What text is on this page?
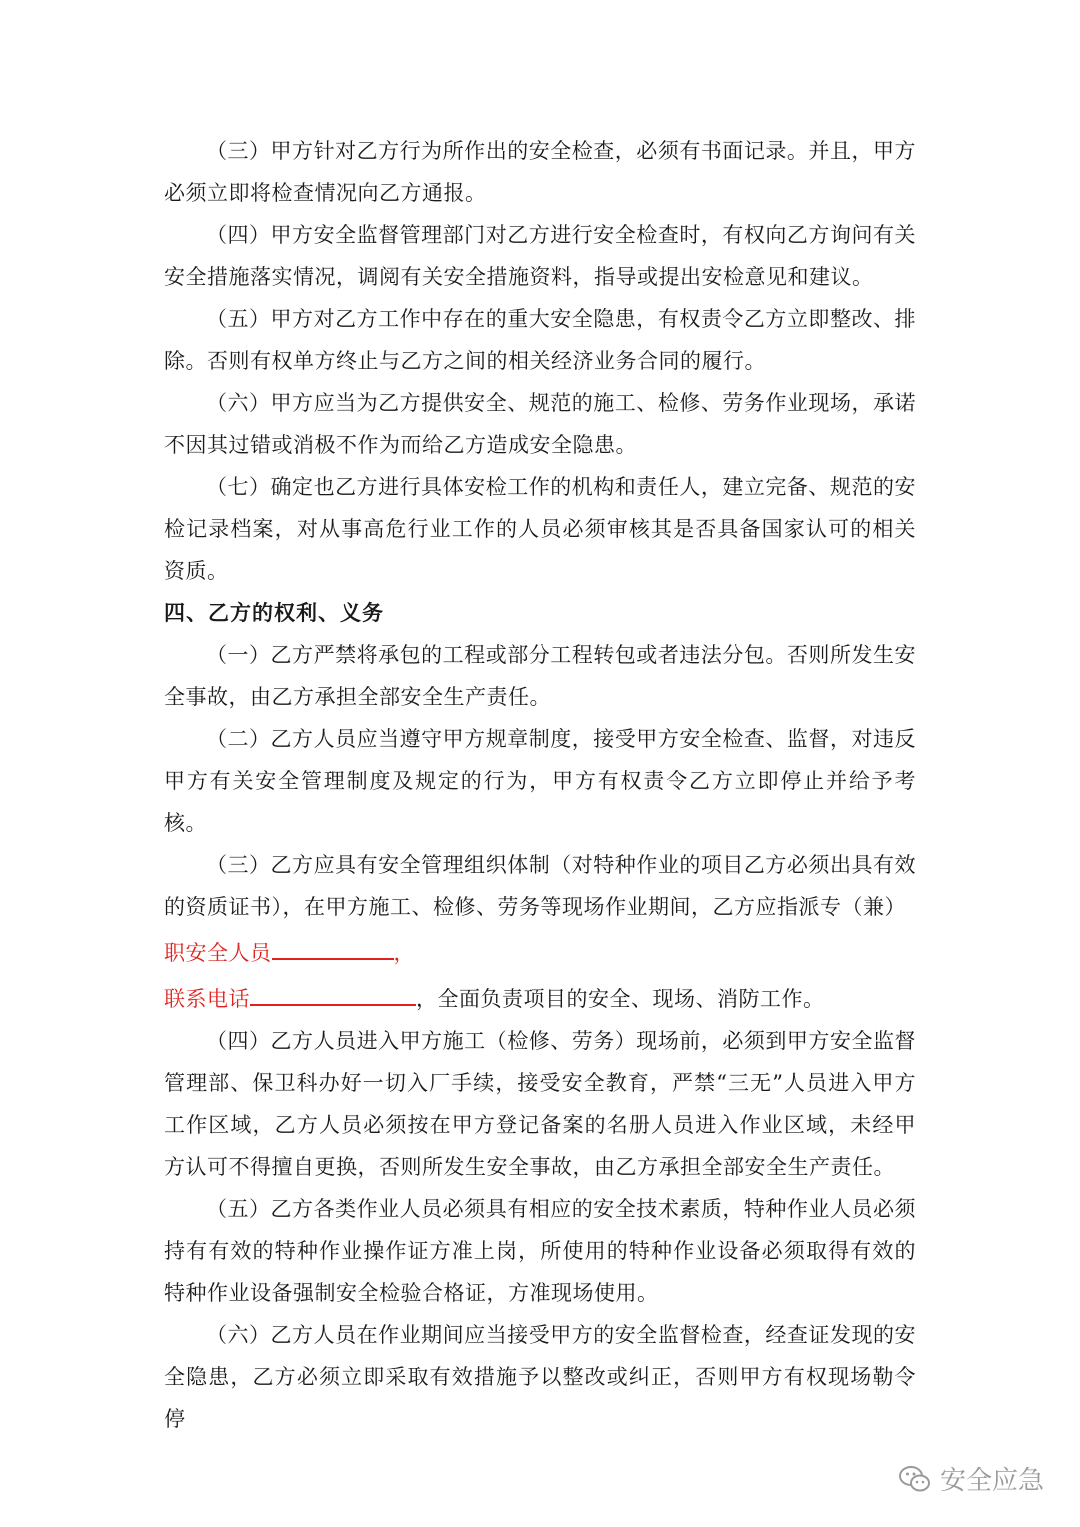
（三）甲方针对乙方行为所作出的安全检查，必须有书面记录。并且，甲方必须立即将检查情况向乙方通报。

（四）甲方安全监督管理部门对乙方进行安全检查时，有权向乙方询问有关安全措施落实情况，调阅有关安全措施资料，指导或提出安检意见和建议。

（五）甲方对乙方工作中存在的重大安全隐患，有权责令乙方立即整改、排除。否则有权单方终止与乙方之间的相关经济业务合同的履行。

（六）甲方应当为乙方提供安全、规范的施工、检修、劳务作业现场，承诺不因其过错或消极不作为而给乙方造成安全隐患。

（七）确定也乙方进行具体安检工作的机构和责任人，建立完备、规范的安检记录档案，对从事高危行业工作的人员必须审核其是否具备国家认可的相关资质。

四、乙方的权利、义务

（一）乙方严禁将承包的工程或部分工程转包或者违法分包。否则所发生安全事故，由乙方承担全部安全生产责任。

（二）乙方人员应当遵守甲方规章制度，接受甲方安全检查、监督，对违反甲方有关安全管理制度及规定的行为，甲方有权责令乙方立即停止并给予考核。

（三）乙方应具有安全管理组织体制（对特种作业的项目乙方必须出具有效的资质证书），在甲方施工、检修、劳务等现场作业期间，乙方应指派专（兼）

职安全人员	，

联系电话	，全面负责项目的安全、现场、消防工作。

（四）乙方人员进入甲方施工（检修、劳务）现场前，必须到甲方安全监督管理部、保卫科办好一切入厂手续，接受安全教育，严禁“三无”人员进入甲方工作区域，乙方人员必须按在甲方登记备案的名册人员进入作业区域，未经甲方认可不得擅自更换，否则所发生安全事故，由乙方承担全部安全生产责任。

（五）乙方各类作业人员必须具有相应的安全技术素质，特种作业人员必须持有有效的特种作业操作证方准上岗，所使用的特种作业设备必须取得有效的特种作业设备强制安全检验合格证，方准现场使用。

（六）乙方人员在作业期间应当接受甲方的安全监督检查，经查证发现的安全隐患，乙方必须立即采取有效措施予以整改或纠正，否则甲方有权现场勒令停

安全应急
